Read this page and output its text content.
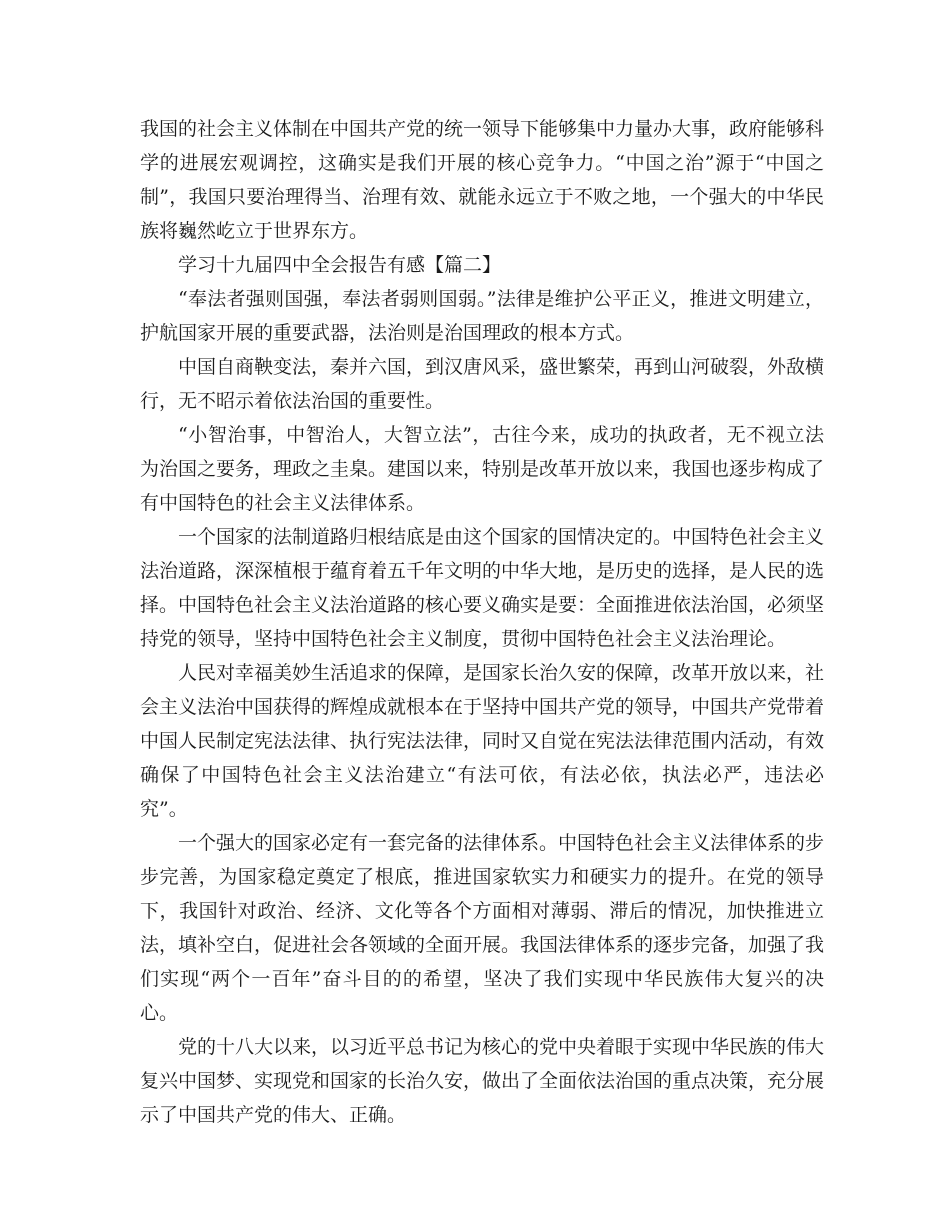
我国的社会主义体制在中国共产党的统一领导下能够集中力量办大事，政府能够科学的进展宏观调控，这确实是我们开展的核心竞争力。“中国之治”源于“中国之制”，我国只要治理得当、治理有效、就能永远立于不败之地，一个强大的中华民族将巍然屹立于世界东方。

学习十九届四中全会报告有感【篇二】

“奉法者强则国强，奉法者弱则国弱。”法律是维护公平正义，推进文明建立，护航国家开展的重要武器，法治则是治国理政的根本方式。

中国自商鞅变法，秦并六国，到汉唐风采，盛世繁荣，再到山河破裂，外敌横行，无不昭示着依法治国的重要性。

“小智治事，中智治人，大智立法”，古往今来，成功的执政者，无不视立法为治国之要务，理政之圭臬。建国以来，特别是改革开放以来，我国也逐步构成了有中国特色的社会主义法律体系。

一个国家的法制道路归根结底是由这个国家的国情决定的。中国特色社会主义法治道路，深深植根于蕴育着五千年文明的中华大地，是历史的选择，是人民的选择。中国特色社会主义法治道路的核心要义确实是要：全面推进依法治国，必须坚持党的领导，坚持中国特色社会主义制度，贯彻中国特色社会主义法治理论。

人民对幸福美妙生活追求的保障，是国家长治久安的保障，改革开放以来，社会主义法治中国获得的辉煌成就根本在于坚持中国共产党的领导，中国共产党带着中国人民制定宪法法律、执行宪法法律，同时又自觉在宪法法律范围内活动，有效确保了中国特色社会主义法治建立“有法可依，有法必依，执法必严，违法必究”。

一个强大的国家必定有一套完备的法律体系。中国特色社会主义法律体系的步步完善，为国家稳定奠定了根底，推进国家软实力和硬实力的提升。在党的领导下，我国针对政治、经济、文化等各个方面相对薄弱、滞后的情况，加快推进立法，填补空白，促进社会各领域的全面开展。我国法律体系的逐步完备，加强了我们实现“两个一百年”奋斗目的的希望，坚决了我们实现中华民族伟大复兴的决心。

党的十八大以来，以习近平总书记为核心的党中央着眼于实现中华民族的伟大复兴中国梦、实现党和国家的长治久安，做出了全面依法治国的重点决策，充分展示了中国共产党的伟大、正确。
